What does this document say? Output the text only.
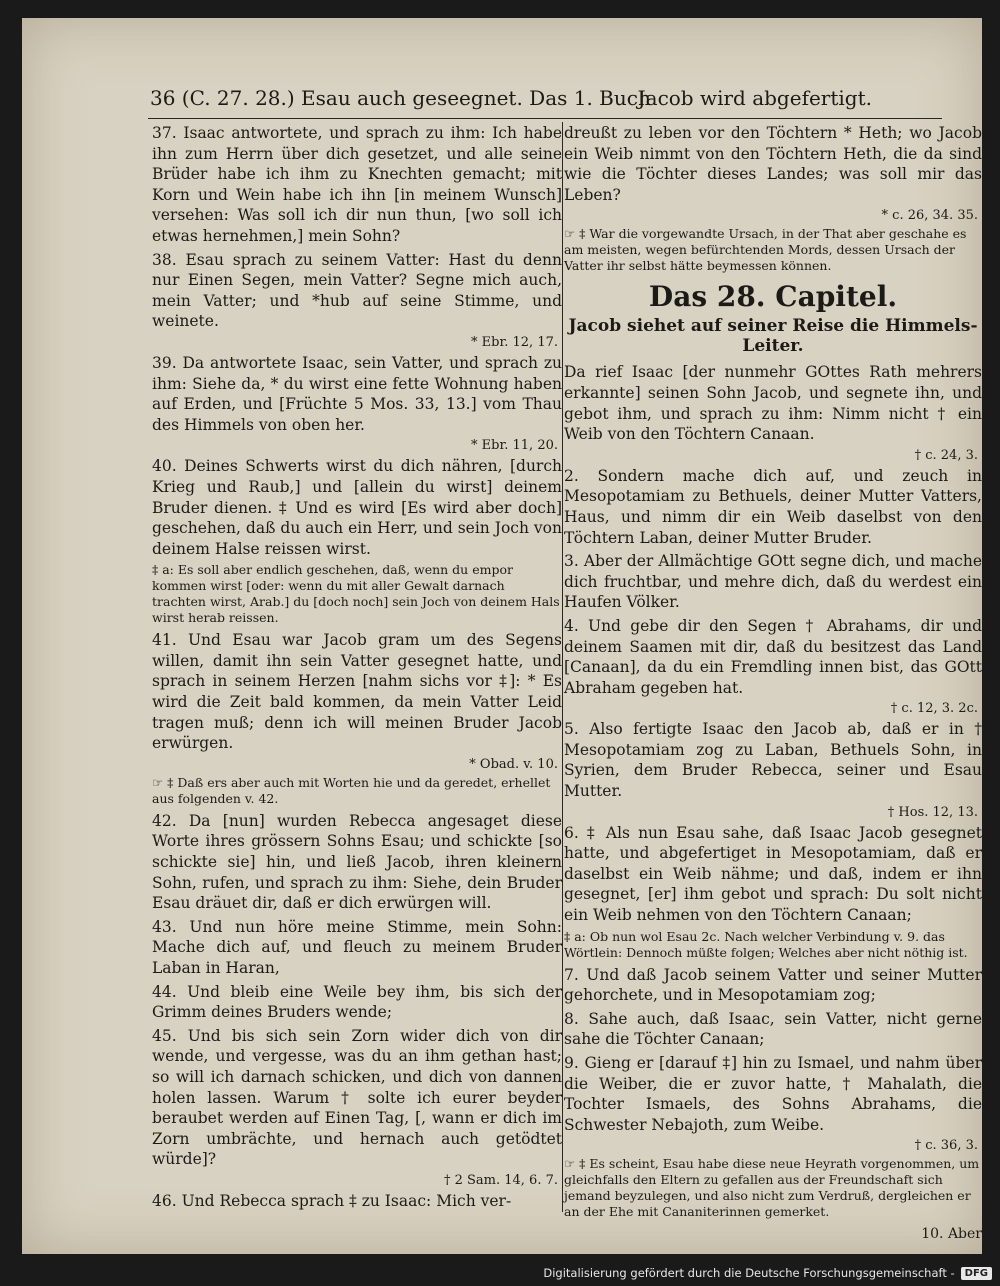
36 (C. 27. 28.) Esau auch geseegnet. Das 1. Buch
Jacob wird abgefertigt.
37. Isaac antwortete, und sprach zu ihm: Ich habe ihn zum Herrn über dich gesetzet, und alle seine Brüder habe ich ihm zu Knechten gemacht; mit Korn und Wein habe ich ihn [in meinem Wunsch] versehen: Was soll ich dir nun thun, [wo soll ich etwas hernehmen,] mein Sohn?
38. Esau sprach zu seinem Vatter: Hast du denn nur Einen Segen, mein Vatter? Segne mich auch, mein Vatter; und *hub auf seine Stimme, und weinete.
* Ebr. 12, 17.
39. Da antwortete Isaac, sein Vatter, und sprach zu ihm: Siehe da, * du wirst eine fette Wohnung haben auf Erden, und [Früchte 5 Mos. 33, 13.] vom Thau des Himmels von oben her.
* Ebr. 11, 20.
40. Deines Schwerts wirst du dich nähren, [durch Krieg und Raub,] und [allein du wirst] deinem Bruder dienen. ‡ Und es wird [Es wird aber doch] geschehen, daß du auch ein Herr, und sein Joch von deinem Halse reissen wirst.
‡ a: Es soll aber endlich geschehen, daß, wenn du empor kommen wirst [oder: wenn du mit aller Gewalt darnach trachten wirst, Arab.] du [doch noch] sein Joch von deinem Hals wirst herab reissen.
41. Und Esau war Jacob gram um des Segens willen, damit ihn sein Vatter gesegnet hatte, und sprach in seinem Herzen [nahm sichs vor ‡]: * Es wird die Zeit bald kommen, da mein Vatter Leid tragen muß; denn ich will meinen Bruder Jacob erwürgen.
* Obad. v. 10.
☞ ‡ Daß ers aber auch mit Worten hie und da geredet, erhellet aus folgenden v. 42.
42. Da [nun] wurden Rebecca angesaget diese Worte ihres grössern Sohns Esau; und schickte [so schickte sie] hin, und ließ Jacob, ihren kleinern Sohn, rufen, und sprach zu ihm: Siehe, dein Bruder Esau dräuet dir, daß er dich erwürgen will.
43. Und nun höre meine Stimme, mein Sohn: Mache dich auf, und fleuch zu meinem Bruder Laban in Haran,
44. Und bleib eine Weile bey ihm, bis sich der Grimm deines Bruders wende;
45. Und bis sich sein Zorn wider dich von dir wende, und vergesse, was du an ihm gethan hast; so will ich darnach schicken, und dich von dannen holen lassen. Warum † solte ich eurer beyder beraubet werden auf Einen Tag, [, wann er dich im Zorn umbrächte, und hernach auch getödtet würde]?
† 2 Sam. 14, 6. 7.
46. Und Rebecca sprach ‡ zu Isaac: Mich ver-
dreußt zu leben vor den Töchtern * Heth; wo Jacob ein Weib nimmt von den Töchtern Heth, die da sind wie die Töchter dieses Landes; was soll mir das Leben?
* c. 26, 34. 35.
☞ ‡ War die vorgewandte Ursach, in der That aber geschahe es am meisten, wegen befürchtenden Mords, dessen Ursach der Vatter ihr selbst hätte beymessen können.
Das 28. Capitel.
Jacob siehet auf seiner Reise die Himmels-Leiter.
Da rief Isaac [der nunmehr GOttes Rath mehrers erkannte] seinen Sohn Jacob, und segnete ihn, und gebot ihm, und sprach zu ihm: Nimm nicht † ein Weib von den Töchtern Canaan.
† c. 24, 3.
2. Sondern mache dich auf, und zeuch in Mesopotamiam zu Bethuels, deiner Mutter Vatters, Haus, und nimm dir ein Weib daselbst von den Töchtern Laban, deiner Mutter Bruder.
3. Aber der Allmächtige GOtt segne dich, und mache dich fruchtbar, und mehre dich, daß du werdest ein Haufen Völker.
4. Und gebe dir den Segen † Abrahams, dir und deinem Saamen mit dir, daß du besitzest das Land [Canaan], da du ein Fremdling innen bist, das GOtt Abraham gegeben hat.
† c. 12, 3. 2c.
5. Also fertigte Isaac den Jacob ab, daß er in † Mesopotamiam zog zu Laban, Bethuels Sohn, in Syrien, dem Bruder Rebecca, seiner und Esau Mutter.
† Hos. 12, 13.
6. ‡ Als nun Esau sahe, daß Isaac Jacob gesegnet hatte, und abgefertiget in Mesopotamiam, daß er daselbst ein Weib nähme; und daß, indem er ihn gesegnet, [er] ihm gebot und sprach: Du solt nicht ein Weib nehmen von den Töchtern Canaan;
‡ a: Ob nun wol Esau 2c. Nach welcher Verbindung v. 9. das Wörtlein: Dennoch müßte folgen; Welches aber nicht nöthig ist.
7. Und daß Jacob seinem Vatter und seiner Mutter gehorchete, und in Mesopotamiam zog;
8. Sahe auch, daß Isaac, sein Vatter, nicht gerne sahe die Töchter Canaan;
9. Gieng er [darauf ‡] hin zu Ismael, und nahm über die Weiber, die er zuvor hatte, † Mahalath, die Tochter Ismaels, des Sohns Abrahams, die Schwester Nebajoth, zum Weibe.
† c. 36, 3.
☞ ‡ Es scheint, Esau habe diese neue Heyrath vorgenommen, um gleichfalls den Eltern zu gefallen aus der Freundschaft sich jemand beyzulegen, und also nicht zum Verdruß, dergleichen er an der Ehe mit Cananiterinnen gemerket.
10. Aber
Digitalisierung gefördert durch die Deutsche Forschungsgemeinschaft -	DFG
